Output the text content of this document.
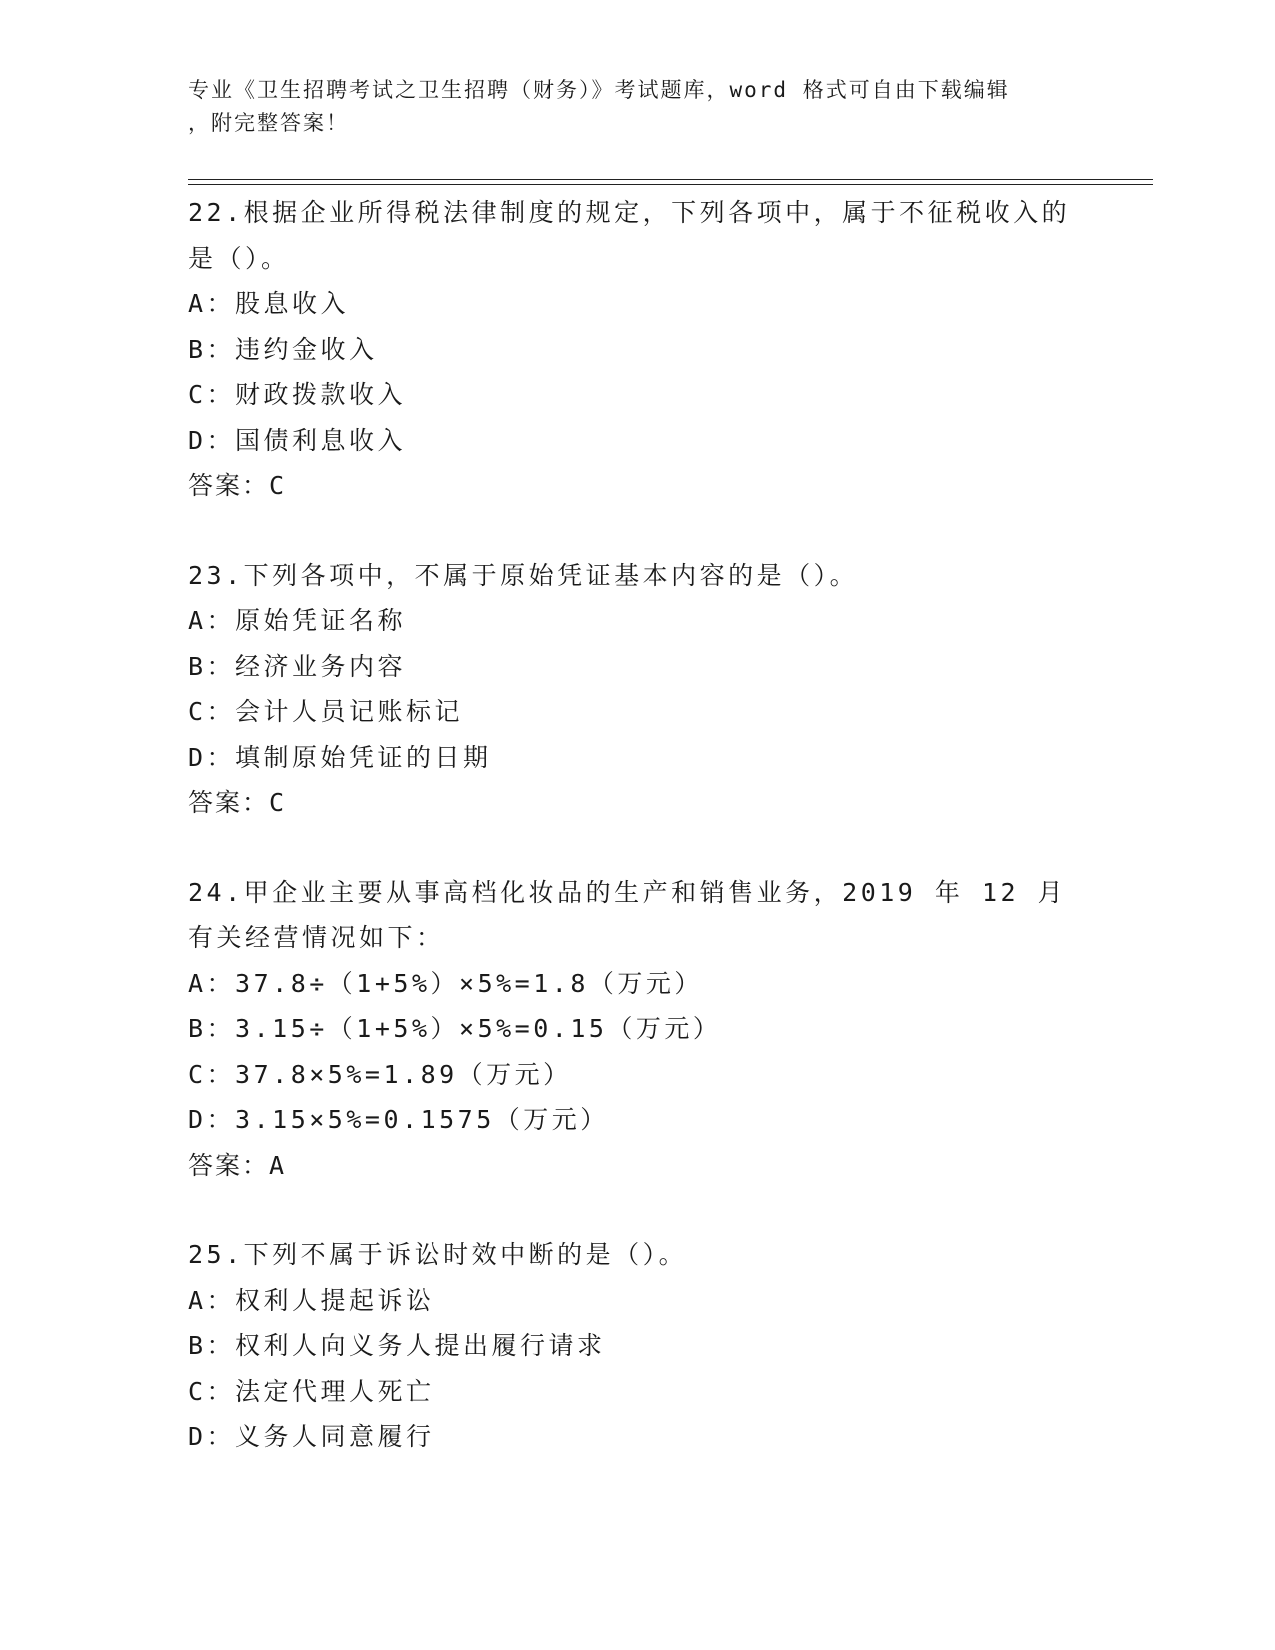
专业《卫生招聘考试之卫生招聘（财务）》考试题库，word 格式可自由下载编辑
，附完整答案！
22.根据企业所得税法律制度的规定，下列各项中，属于不征税收入的是（）。
A：股息收入
B：违约金收入
C：财政拨款收入
D：国债利息收入
答案：C
23.下列各项中，不属于原始凭证基本内容的是（）。
A：原始凭证名称
B：经济业务内容
C：会计人员记账标记
D：填制原始凭证的日期
答案：C
24.甲企业主要从事高档化妆品的生产和销售业务，2019 年 12 月有关经营情况如下：
A：37.8÷（1+5%）×5%=1.8（万元）
B：3.15÷（1+5%）×5%=0.15（万元）
C：37.8×5%=1.89（万元）
D：3.15×5%=0.1575（万元）
答案：A
25.下列不属于诉讼时效中断的是（）。
A：权利人提起诉讼
B：权利人向义务人提出履行请求
C：法定代理人死亡
D：义务人同意履行
